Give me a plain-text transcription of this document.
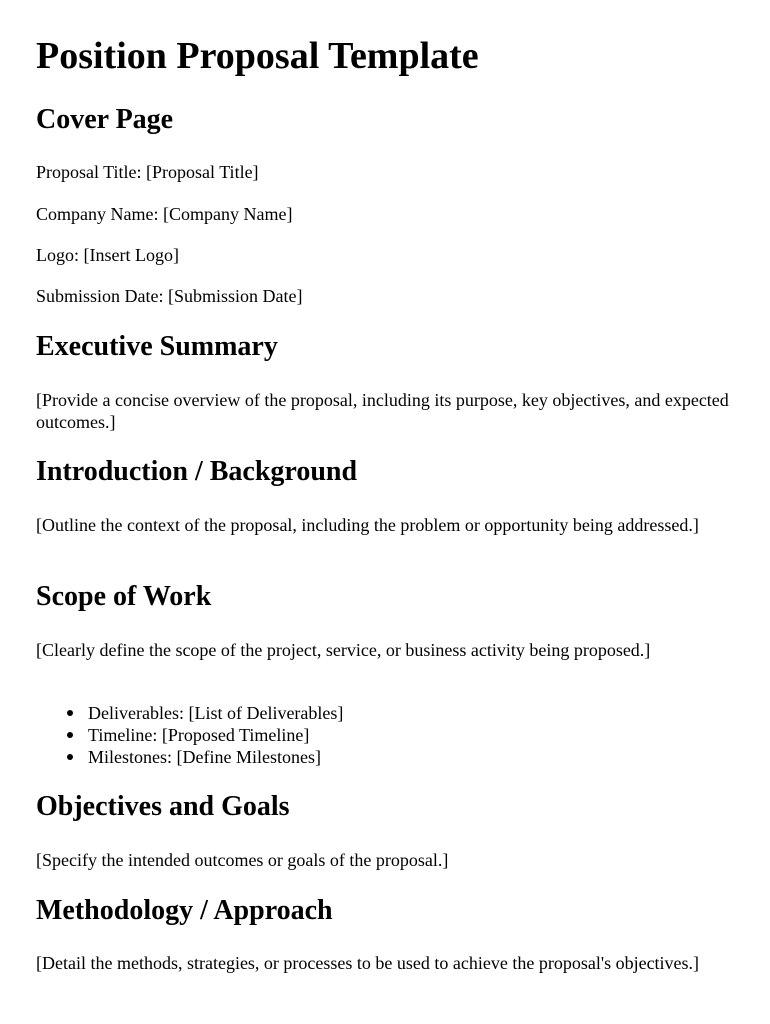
Position Proposal Template
Cover Page

Proposal Title: [Proposal Title]

Company Name: [Company Name]

Logo: [Insert Logo]

Submission Date: [Submission Date]

Executive Summary

[Provide a concise overview of the proposal, including its purpose, key objectives, and expected outcomes.]

Introduction / Background

[Outline the context of the proposal, including the problem or opportunity being addressed.]

Scope of Work

[Clearly define the scope of the project, service, or business activity being proposed.]

Deliverables: [List of Deliverables]
Timeline: [Proposed Timeline]
Milestones: [Define Milestones]
Objectives and Goals

[Specify the intended outcomes or goals of the proposal.]

Methodology / Approach

[Detail the methods, strategies, or processes to be used to achieve the proposal's objectives.]
